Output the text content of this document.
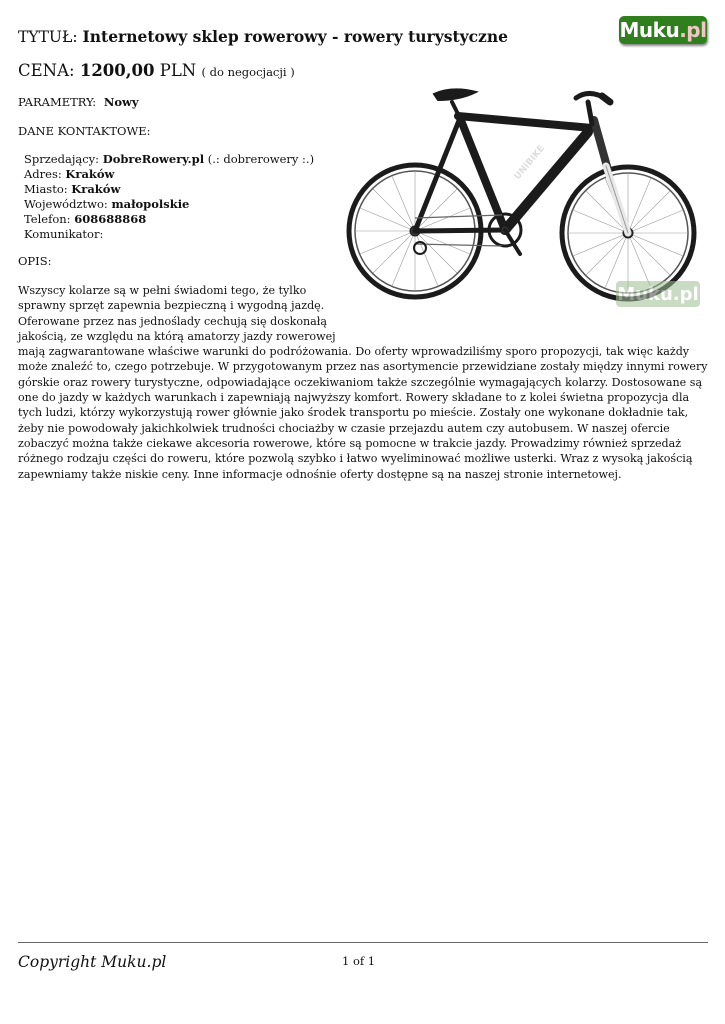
Muku.pl
TYTUŁ: Internetowy sklep rowerowy - rowery turystyczne
CENA: 1200,00 PLN ( do negocjacji )
PARAMETRY: Nowy
DANE KONTAKTOWE:
Sprzedający: DobreRowery.pl (.: dobrerowery :.)
Adres: Kraków
Miasto: Kraków
Województwo: małopolskie
Telefon: 608688868
Komunikator:
OPIS:
UNIBIKE
Muku.pl
Wszyscy kolarze są w pełni świadomi tego, że tylko sprawny sprzęt zapewnia bezpieczną i wygodną jazdę. Oferowane przez nas jednoślady cechują się doskonałą jakością, ze względu na którą amatorzy jazdy rowerowej mają zagwarantowane właściwe warunki do podróżowania. Do oferty wprowadziliśmy sporo propozycji, tak więc każdy może znaleźć to, czego potrzebuje. W przygotowanym przez nas asortymencie przewidziane zostały między innymi rowery górskie oraz rowery turystyczne, odpowiadające oczekiwaniom także szczególnie wymagających kolarzy. Dostosowane są one do jazdy w każdych warunkach i zapewniają najwyższy komfort. Rowery składane to z kolei świetna propozycja dla tych ludzi, którzy wykorzystują rower głównie jako środek transportu po mieście. Zostały one wykonane dokładnie tak, żeby nie powodowały jakichkolwiek trudności chociażby w czasie przejazdu autem czy autobusem. W naszej ofercie zobaczyć można także ciekawe akcesoria rowerowe, które są pomocne w trakcie jazdy. Prowadzimy również sprzedaż różnego rodzaju części do roweru, które pozwolą szybko i łatwo wyeliminować możliwe usterki. Wraz z wysoką jakością zapewniamy także niskie ceny. Inne informacje odnośnie oferty dostępne są na naszej stronie internetowej.
Copyright Muku.pl	1 of 1
